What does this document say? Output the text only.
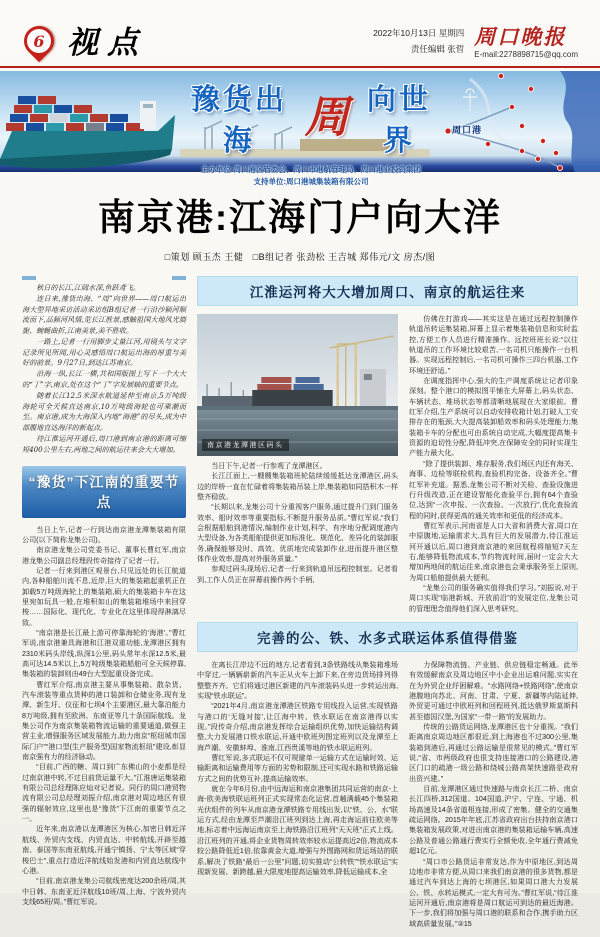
6 视点	2022年10月13日 星期四
责任编辑 张晢
周口晚报
E-mail:2278898715@qq.com
豫货出海	周 向世界
主办单位:周口港区管委会、周口市港航管理局、周口港业投资集团
支持单位:周口港城集装箱有限公司
周口港
南京港:江海门户向大洋
□策划 顾玉杰 王健　□B组记者 张劲松 王吉城 郑伟元/文 房杰/图

秋日的长江,江阔水深,鱼跃鸢飞。

连日来,豫货出海、“周”向世界——周口航运出海大型异地采访活动采访组B组记者一行沿沙颍河顺流而下,品颍河风情,览长江胜景,感触祖国大地风光旖旎、蜿蜒曲折,江南美景,美不胜收。

一路上,记者一行用脚步丈量江河,用镜头与文字记录所见所闻,用心灵感悟周口航运出海的厚重与美好的前景。9月27日,到达江苏南京。

沿海一纵,长江一横,共和国版图上写下一个大大的“丁”字,南京,处在这个“丁”字发展轴的重要节点。

随着长江12.5米深水航道延伸至南京,5万吨级海轮可全天候直达南京,10万吨级海轮也可乘潮而至。南京港,成为大海深入内地“海港”的尽头,成为中部腹地直达海洋的新起点。

待江淮运河开通后,周口港到南京港的距离可缩短400公里左右,两地之间的航运往来会大大增加。

“豫货”下江南的重要节点

当日上午,记者一行到达南京港龙潭集装箱有限公司(以下简称龙集公司)。

南京港龙集公司党委书记、董事长曹红军,南京港龙集公司副总经理段传奇接待了记者一行。

记者一行来到港区观景台,只见远处的长江航道内,各种船舶川流不息,近岸,巨大的集装箱起重机正在卸载5万吨级海轮上的集装箱,硕大的集装箱卡车在这里宛如玩具一般,在堆积如山的集装箱堆场中来回穿梭……国际化、现代化、专业化在这里体现得淋漓尽致。

“南京港是长江最上游可停靠海轮的‘海港’。”曹红军说,南京港兼具海港和江港双重功能,龙潭港区拥有2310米码头岸线,纵深1公里,码头常年水深12.5米,最高可达14.5米以上,5万吨级集装箱船舶可全天候停靠,集装箱的装卸则由49台大型起重设备完成。

曹红军介绍,南京港主要从事集装箱、散杂货、汽车滚装等重点货种的港口装卸和仓储业务,现有龙潭、新生圩、仪征和七坝4个主要港区,最大靠泊能力8万吨级,拥有至欧洲、东南亚等几十条国际航线。龙集公司作为南京集装箱物流运输的重要通道,做强主营主业,增强服务区域发展能力,助力南京“枢纽城市国际门户”“港口型(生产服务型)国家物流枢纽”建设,彰显南京强有力的经济脉动。

“目前,广西的糖、周口到广东佛山的小麦都是经过南京港中转,不过目前货运量不大。”江淮唐运集装箱有限公司总经理陈应灿对记者说。同行的周口港贸物流有限公司总经理刘振介绍,南京港对周边地区有很强的辐射效应,这里也是“豫货”下江南的重要节点之一。

近年来,南京港以龙潭港区为核心,加密日韩近洋航线、外贸内支线、内贸直达、中转航线,开辟至越南、泰国等东南亚航线,开通宁镇扬、宁太等区域“穿梭巴士”,重点打造近洋航线始发港和内贸直达航线中心港。

“目前,南京港龙集公司航线密度达200余班/周,其中日韩、东南亚近洋航线10班/周,上海、宁波外贸内支线65班/周。”曹红军说。

江淮运河将大大增加周口、南京的航运往来
南京港龙潭港区码头

当日下午,记者一行参观了龙潭港区。

长江江面上,一艘艘集装箱班轮陆续缓缓抵达龙潭港区,码头边的岸桥一直在忙碌着将集装箱吊装上岸,集装箱如同搭积木一样整齐稳放。

“长期以来,龙集公司十分重视客户服务,通过提升门到门服务效率、船时效率等重要指标,不断提升服务品质。”曹红军说,“我们会根据船舶到港情况,编制作业计划,科学、有序地分配调度港内大型设备,为各类船舶提供更加标准化、规范化、差异化的装卸服务,确保能够及时、高效、优质地完成装卸作业,进而提升港区整体作业效率,提高对外服务质量。”

参观过码头现场后,记者一行来到轨道吊远程控制室。记者看到,工作人员正在屏幕前操作两个手柄,

仿佛在打游戏——其实这是在通过远程控制操作轨道吊转运集装箱,屏幕上显示着集装箱信息和实时监控,方便工作人员进行精准操作。远控班班长说:“以往轨道吊的工作环境比较艰苦,一名司机只能操作一台机器。实现远程控制后,一名司机可操作三四台机器,工作环境还舒适。”

在调度指挥中心,强大的生产调度系统让记者印象深刻。整个港口的模拟图平铺在大屏幕上,码头状态、车辆状态、堆场状态等都清晰地展现在大家眼前。曹红军介绍,生产系统可以自动安排收箱计划,打破人工安排存在的瓶颈,大大提高装卸船效率和码头处理能力;集装箱卡车的分配也可由系统自动完成,大幅度提高集卡资源的迫切性分配,降低冲突,在保障安全的同时实现生产能力最大化。

“除了提供装卸、堆存服务,我们场区内还有海关、海事、边检等联检机构,查验机构完备、设备齐全。”曹红军补充道。据悉,龙集公司不断对关检、查验设施进行升级改造,正在建设智能化查验平台,拥有64个查验位,达到“一次申报、一次查验、一次放行”,优化查验流程的同时,获得更高的通关效率和更低的经济成本。

曹红军表示,河南省是人口大省和消费大省,周口在中原腹地,运输需求大,具有巨大的发展潜力,待江淮运河开通以后,周口港到南京港的来回航程将缩短7天左右,能够降低物流成本,节约物流时间,届时一定会大大增加两地间的航运往来,南京港也会秉承服务至上原则,为周口船舶提供最大便利。

“龙集公司的服务确实值得我们学习。”刘振说,对于周口实现“临港新城、开放前沿”的发展定位,龙集公司的管理理念值得他们深入思考研究。

完善的公、铁、水多式联运体系值得借鉴

在离长江岸边不远的地方,记者看到,3条铁路线从集装箱堆场中穿过,一辆辆崭新的汽车正从火车上卸下来,在旁边货场排列得整整齐齐。它们将通过港区新建的汽车滚装码头进一步转运出海,实现“铁水联运”。

“2021年4月,南京港龙潭港区铁路专用线投入运营,实现铁路与港口的‘无缝对接’,让江海中转、铁水联运在南京港得以实现。”段传奇介绍,南京港发挥综合运输组织优势,加快运输结构调整,大力发展港口铁水联运,开通中欧班列图定班列以及龙潭至上海芦潮、安徽蚌埠、淮南,江西贵溪等地的铁水联运班列。

曹红军说,多式联运不仅可规避单一运输方式在运输时效、运输距离和运输费用等方面的劣势和限制,还可实现水路和铁路运输方式之间的优势互补,提高运输效率。

就在今年6月份,由中远海运和南京港集团共同运营的南京-上海-欧美海铁联运班列正式实现常态化运营,首趟满载45个集装箱光伏组件的列车从南京港龙潭铁路专用线出发,以“铁、公、水”联运方式,经由龙潭至芦潮沿江班列到达上海,再走海运前往欧美等地,标志着中远海运南京至上海铁路沿江班列“天天班”正式上线。沿江班列的开通,将企业货物周转效率较水运提高近2倍,物流成本较公路降低近1倍,依靠黄金大道,增强与外围路网和货运场站的联系,解决了铁路“最后一公里”问题,切实推动“公转铁”“铁水联运”实现新发展、新跨越,最大限度地提高运输效率,降低运输成本,全

力保障物流链、产业链、供应链稳定畅通。此举有效缓解南京及周边地区中小企业出运难问题,实实在在为外贸企业纾困解难。“水路网络+铁路网络”,使南京港腹地向苏北、河南、甘肃、宁夏、新疆等内陆延伸,外贸更可通过中欧班列和回程班列,抵达俄罗斯莫斯科甚至德国汉堡,为国家“一带一路”的发展助力。

传统的公路货运网络,龙潭港区也十分重视。“我们距离南京周边地区都很近,到上海港也不过300公里,集装箱到港后,再通过公路运输是很常见的模式。”曹红军说,“省、市两级政府也很支持连接港口的公路建设,港区门口的疏港一级公路和绕城公路高架快速路是政府出资兴建。”

目前,龙潭港区通过快速路与南京长江二桥、南京长江四桥,312国道、104国道,沪宁、宁连、宁通、机场高速及14条省道相连接,形成了密集、健全的交通集疏运网络。2015年年底,江苏省政府出台扶持南京港口集装箱发展政策,对进出南京港的集装箱运输车辆,高速公路及普通公路通行费实行全额免收,全年通行费减免超1亿元。

“周口市公路货运非常发达,作为中原地区,到达周边地市非常方便,从周口来我们南京港的很多货物,都是通过汽车到达上海的七坝港区,如果周口港大力发展公、铁、水转运模式,一定大有可为。”曹红军说,“待江淮运河开通后,南京港将是周口航运可到达的最近海港。下一步,我们将加强与周口港的联系和合作,携手助力区域高质量发展。”②15
